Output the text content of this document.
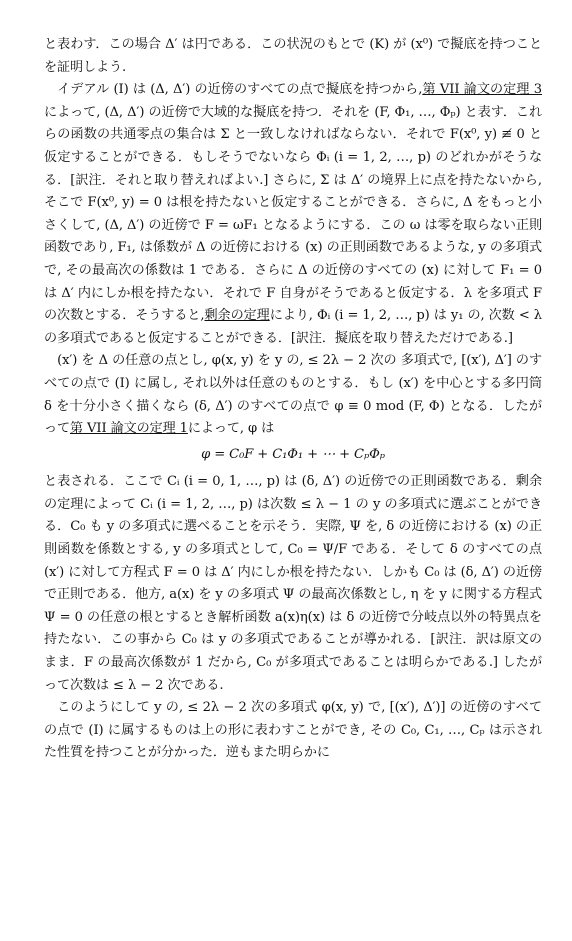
と表わす．この場合 Δ′ は円である．この状況のもとで (K) が (x⁰) で擬底を持つことを証明しよう.

イデアル (I) は (Δ, Δ′) の近傍のすべての点で擬底を持つから,第 VII 論文の定理 3によって, (Δ, Δ′) の近傍で大域的な擬底を持つ．それを (F, Φ₁, …, Φₚ) と表す．これらの函数の共通零点の集合は Σ と一致しなければならない．それで F(x⁰, y) ≢ 0 と仮定することができる．もしそうでないなら Φᵢ (i = 1, 2, …, p) のどれかがそうなる．[訳注．それと取り替えればよい.] さらに, Σ は Δ′ の境界上に点を持たないから, そこで F(x⁰, y) = 0 は根を持たないと仮定することができる．さらに, Δ をもっと小さくして, (Δ, Δ′) の近傍で F = ωF₁ となるようにする．この ω は零を取らない正則函数であり, F₁, は係数が Δ の近傍における (x) の正則函数であるような, y の多項式で, その最高次の係数は 1 である．さらに Δ の近傍のすべての (x) に対して F₁ = 0 は Δ′ 内にしか根を持たない．それで F 自身がそうであると仮定する．λ を多項式 F の次数とする．そうすると,剰余の定理により, Φᵢ (i = 1, 2, …, p) は y₁ の, 次数 < λ の多項式であると仮定することができる．[訳注．擬底を取り替えただけである.]

(x′) を Δ の任意の点とし, φ(x, y) を y の, ≤ 2λ − 2 次の 多項式で, [(x′), Δ′] のすべての点で (I) に属し, それ以外は任意のものとする．もし (x′) を中心とする多円筒 δ を十分小さく描くなら (δ, Δ′) のすべての点で φ ≡ 0 mod (F, Φ) となる．したがって第 VII 論文の定理 1によって, φ は

φ = C₀F + C₁Φ₁ + ⋯ + CₚΦₚ

と表される．ここで Cᵢ (i = 0, 1, …, p) は (δ, Δ′) の近傍での正則函数である．剰余の定理によって Cᵢ (i = 1, 2, …, p) は次数 ≤ λ − 1 の y の多項式に選ぶことができる．C₀ も y の多項式に選べることを示そう．実際, Ψ を, δ の近傍における (x) の正則函数を係数とする, y の多項式として, C₀ = Ψ/F である．そして δ のすべての点 (x′) に対して方程式 F = 0 は Δ′ 内にしか根を持たない．しかも C₀ は (δ, Δ′) の近傍で正則である．他方, a(x) を y の多項式 Ψ の最高次係数とし, η を y に関する方程式 Ψ = 0 の任意の根とするとき解析函数 a(x)η(x) は δ の近傍で分岐点以外の特異点を持たない．この事から C₀ は y の多項式であることが導かれる．[訳注．訳は原文のまま．F の最高次係数が 1 だから, C₀ が多項式であることは明らかである.] したがって次数は ≤ λ − 2 次である.

このようにして y の, ≤ 2λ − 2 次の多項式 φ(x, y) で, [(x′), Δ′)] の近傍のすべての点で (I) に属するものは上の形に表わすことができ, その C₀, C₁, …, Cₚ は示された性質を持つことが分かった．逆もまた明らかに
